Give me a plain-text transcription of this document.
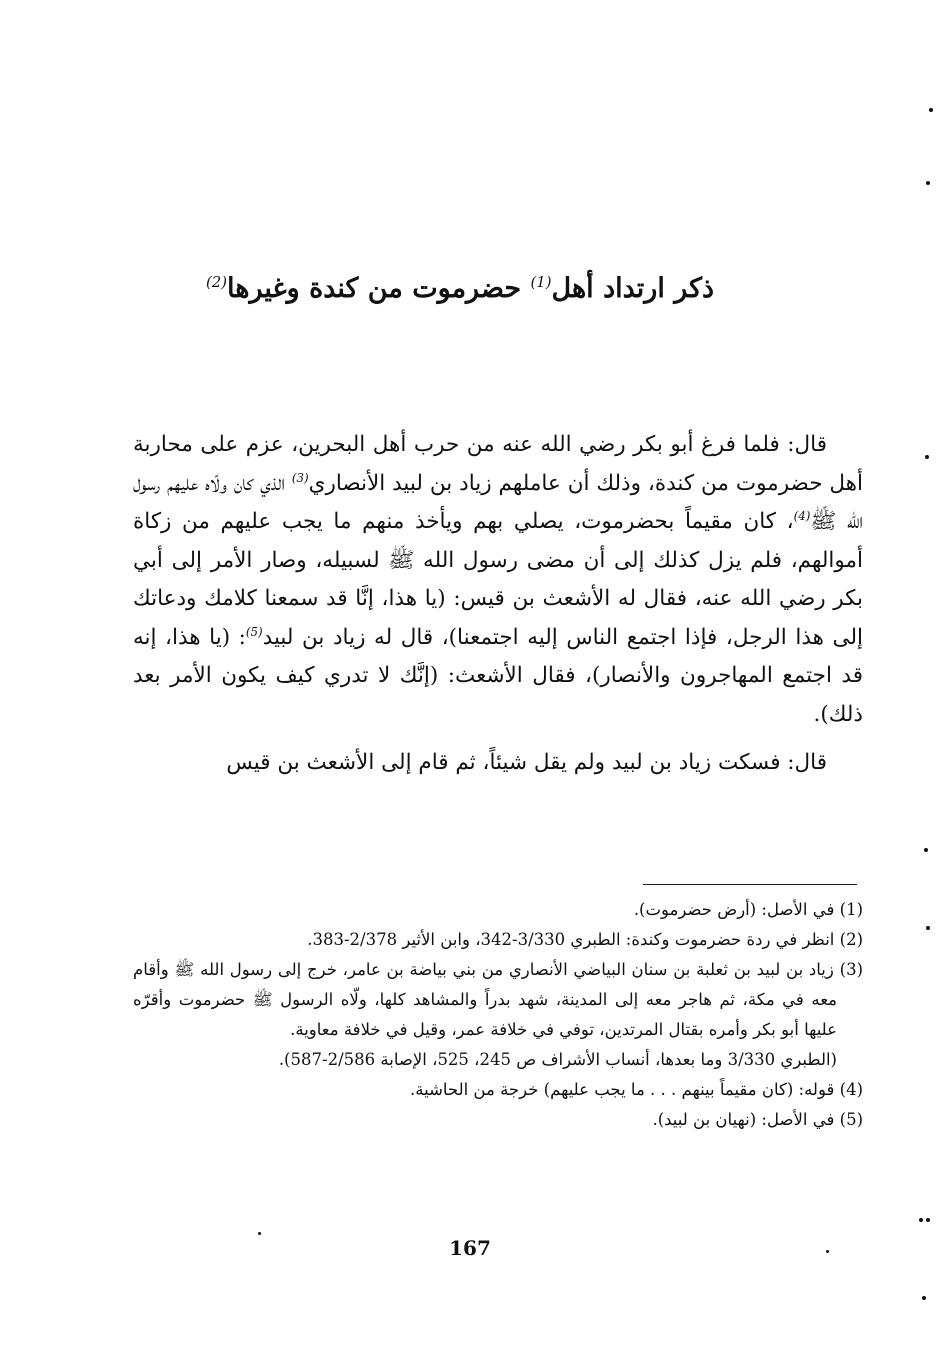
ذكر ارتداد أهل$^{(1)}$ حضرموت من كندة وغيرها$^{(2)}$

قال: فلما فرغ أبو بكر رضي الله عنه من حرب أهل البحرين، عزم على محاربة أهل حضرموت من كندة، وذلك أن عاملهم زياد بن لبيد الأنصاري$^{(3)}$ الذي كان ولّاه عليهم رسول الله ﷺ$^{(4)}$، كان مقيماً بحضرموت، يصلي بهم ويأخذ منهم ما يجب عليهم من زكاة أموالهم، فلم يزل كذلك إلى أن مضى رسول الله ﷺ لسبيله، وصار الأمر إلى أبي بكر رضي الله عنه، فقال له الأشعث بن قيس: (يا هذا، إنَّا قد سمعنا كلامك ودعاتك إلى هذا الرجل، فإذا اجتمع الناس إليه اجتمعنا)، قال له زياد بن لبيد$^{(5)}$: (يا هذا، إنه قد اجتمع المهاجرون والأنصار)، فقال الأشعث: (إنَّك لا تدري كيف يكون الأمر بعد ذلك).

قال: فسكت زياد بن لبيد ولم يقل شيئاً، ثم قام إلى الأشعث بن قيس

(1) في الأصل: (أرض حضرموت).

(2) انظر في ردة حضرموت وكندة: الطبري 3/330-342، وابن الأثير 2/378-383.

(3) زياد بن لبيد بن ثعلبة بن سنان البياضي الأنصاري من بني بياضة بن عامر، خرج إلى رسول الله ﷺ وأقام معه في مكة، ثم هاجر معه إلى المدينة، شهد بدراً والمشاهد كلها، ولّاه الرسول ﷺ حضرموت وأقرّه عليها أبو بكر وأمره بقتال المرتدين، توفي في خلافة عمر، وقيل في خلافة معاوية.

(الطبري 3/330 وما بعدها، أنساب الأشراف ص 245، 525، الإصابة 2/586-587).

(4) قوله: (كان مقيماً بينهم . . . ما يجب عليهم) خرجة من الحاشية.

(5) في الأصل: (نهيان بن لبيد).

167
